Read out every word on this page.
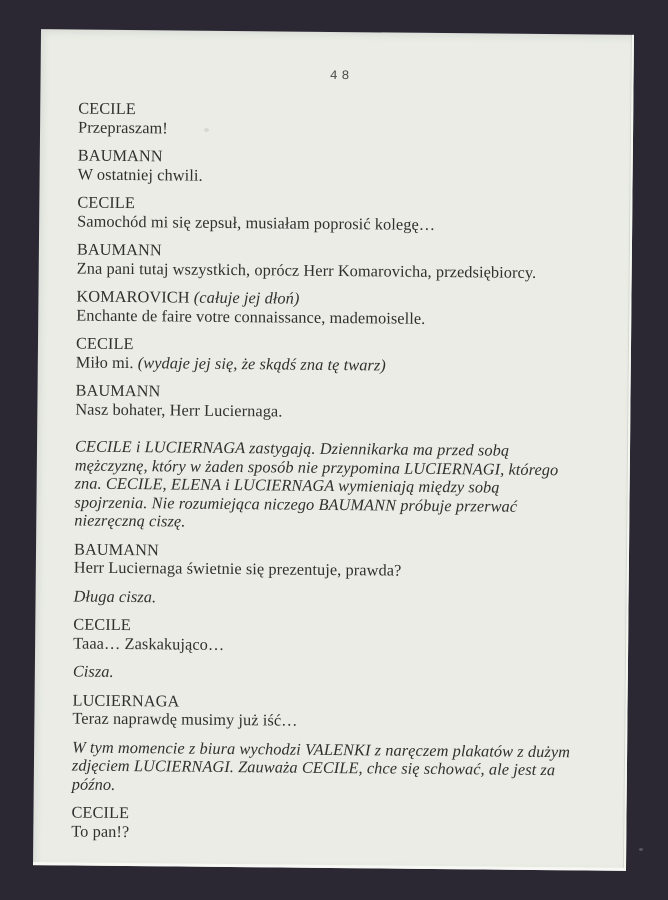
48
CECILE
Przepraszam!
BAUMANN
W ostatniej chwili.
CECILE
Samochód mi się zepsuł, musiałam poprosić kolegę…
BAUMANN
Zna pani tutaj wszystkich, oprócz Herr Komarovicha, przedsiębiorcy.
KOMAROVICH (całuje jej dłoń)
Enchante de faire votre connaissance, mademoiselle.
CECILE
Miło mi. (wydaje jej się, że skądś zna tę twarz)
BAUMANN
Nasz bohater, Herr Luciernaga.
CECILE i LUCIERNAGA zastygają. Dziennikarka ma przed sobą mężczyznę, który w żaden sposób nie przypomina LUCIERNAGI, którego zna. CECILE, ELENA i LUCIERNAGA wymieniają między sobą spojrzenia. Nie rozumiejąca niczego BAUMANN próbuje przerwać niezręczną ciszę.
BAUMANN
Herr Luciernaga świetnie się prezentuje, prawda?
Długa cisza.
CECILE
Taaa… Zaskakująco…
Cisza.
LUCIERNAGA
Teraz naprawdę musimy już iść…
W tym momencie z biura wychodzi VALENKI z naręczem plakatów z dużym zdjęciem LUCIERNAGI. Zauważa CECILE, chce się schować, ale jest za późno.
CECILE
To pan!?
